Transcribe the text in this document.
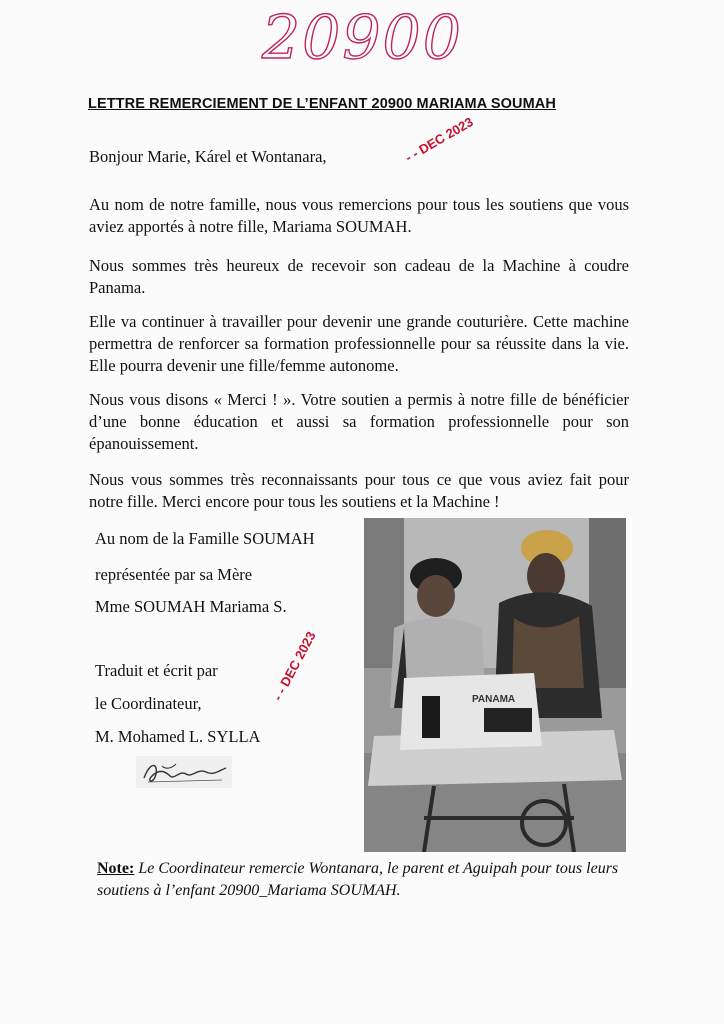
20900
LETTRE REMERCIEMENT DE L’ENFANT 20900 MARIAMA SOUMAH
- - DEC 2023
Bonjour Marie, Kárel et Wontanara,
Au nom de notre famille, nous vous remercions pour tous les soutiens que vous aviez apportés à notre fille, Mariama SOUMAH.
Nous sommes très heureux de recevoir son cadeau de la Machine à coudre Panama.
Elle va continuer à travailler pour devenir une grande couturière. Cette machine permettra de renforcer sa formation professionnelle pour sa réussite dans la vie. Elle pourra devenir une fille/femme autonome.
Nous vous disons « Merci ! ». Votre soutien a permis à notre fille de bénéficier d’une bonne éducation et aussi sa formation professionnelle pour son épanouissement.
Nous vous sommes très reconnaissants pour tous ce que vous aviez fait pour notre fille. Merci encore pour tous les soutiens et la Machine !
Au nom de la Famille SOUMAH
représentée par sa Mère
Mme SOUMAH Mariama S.
Traduit et écrit par
le Coordinateur,
M. Mohamed L. SYLLA
- - DEC 2023	PANAMA
Note: Le Coordinateur remercie Wontanara, le parent et Aguipah pour tous leurs soutiens à l’enfant 20900_Mariama SOUMAH.
